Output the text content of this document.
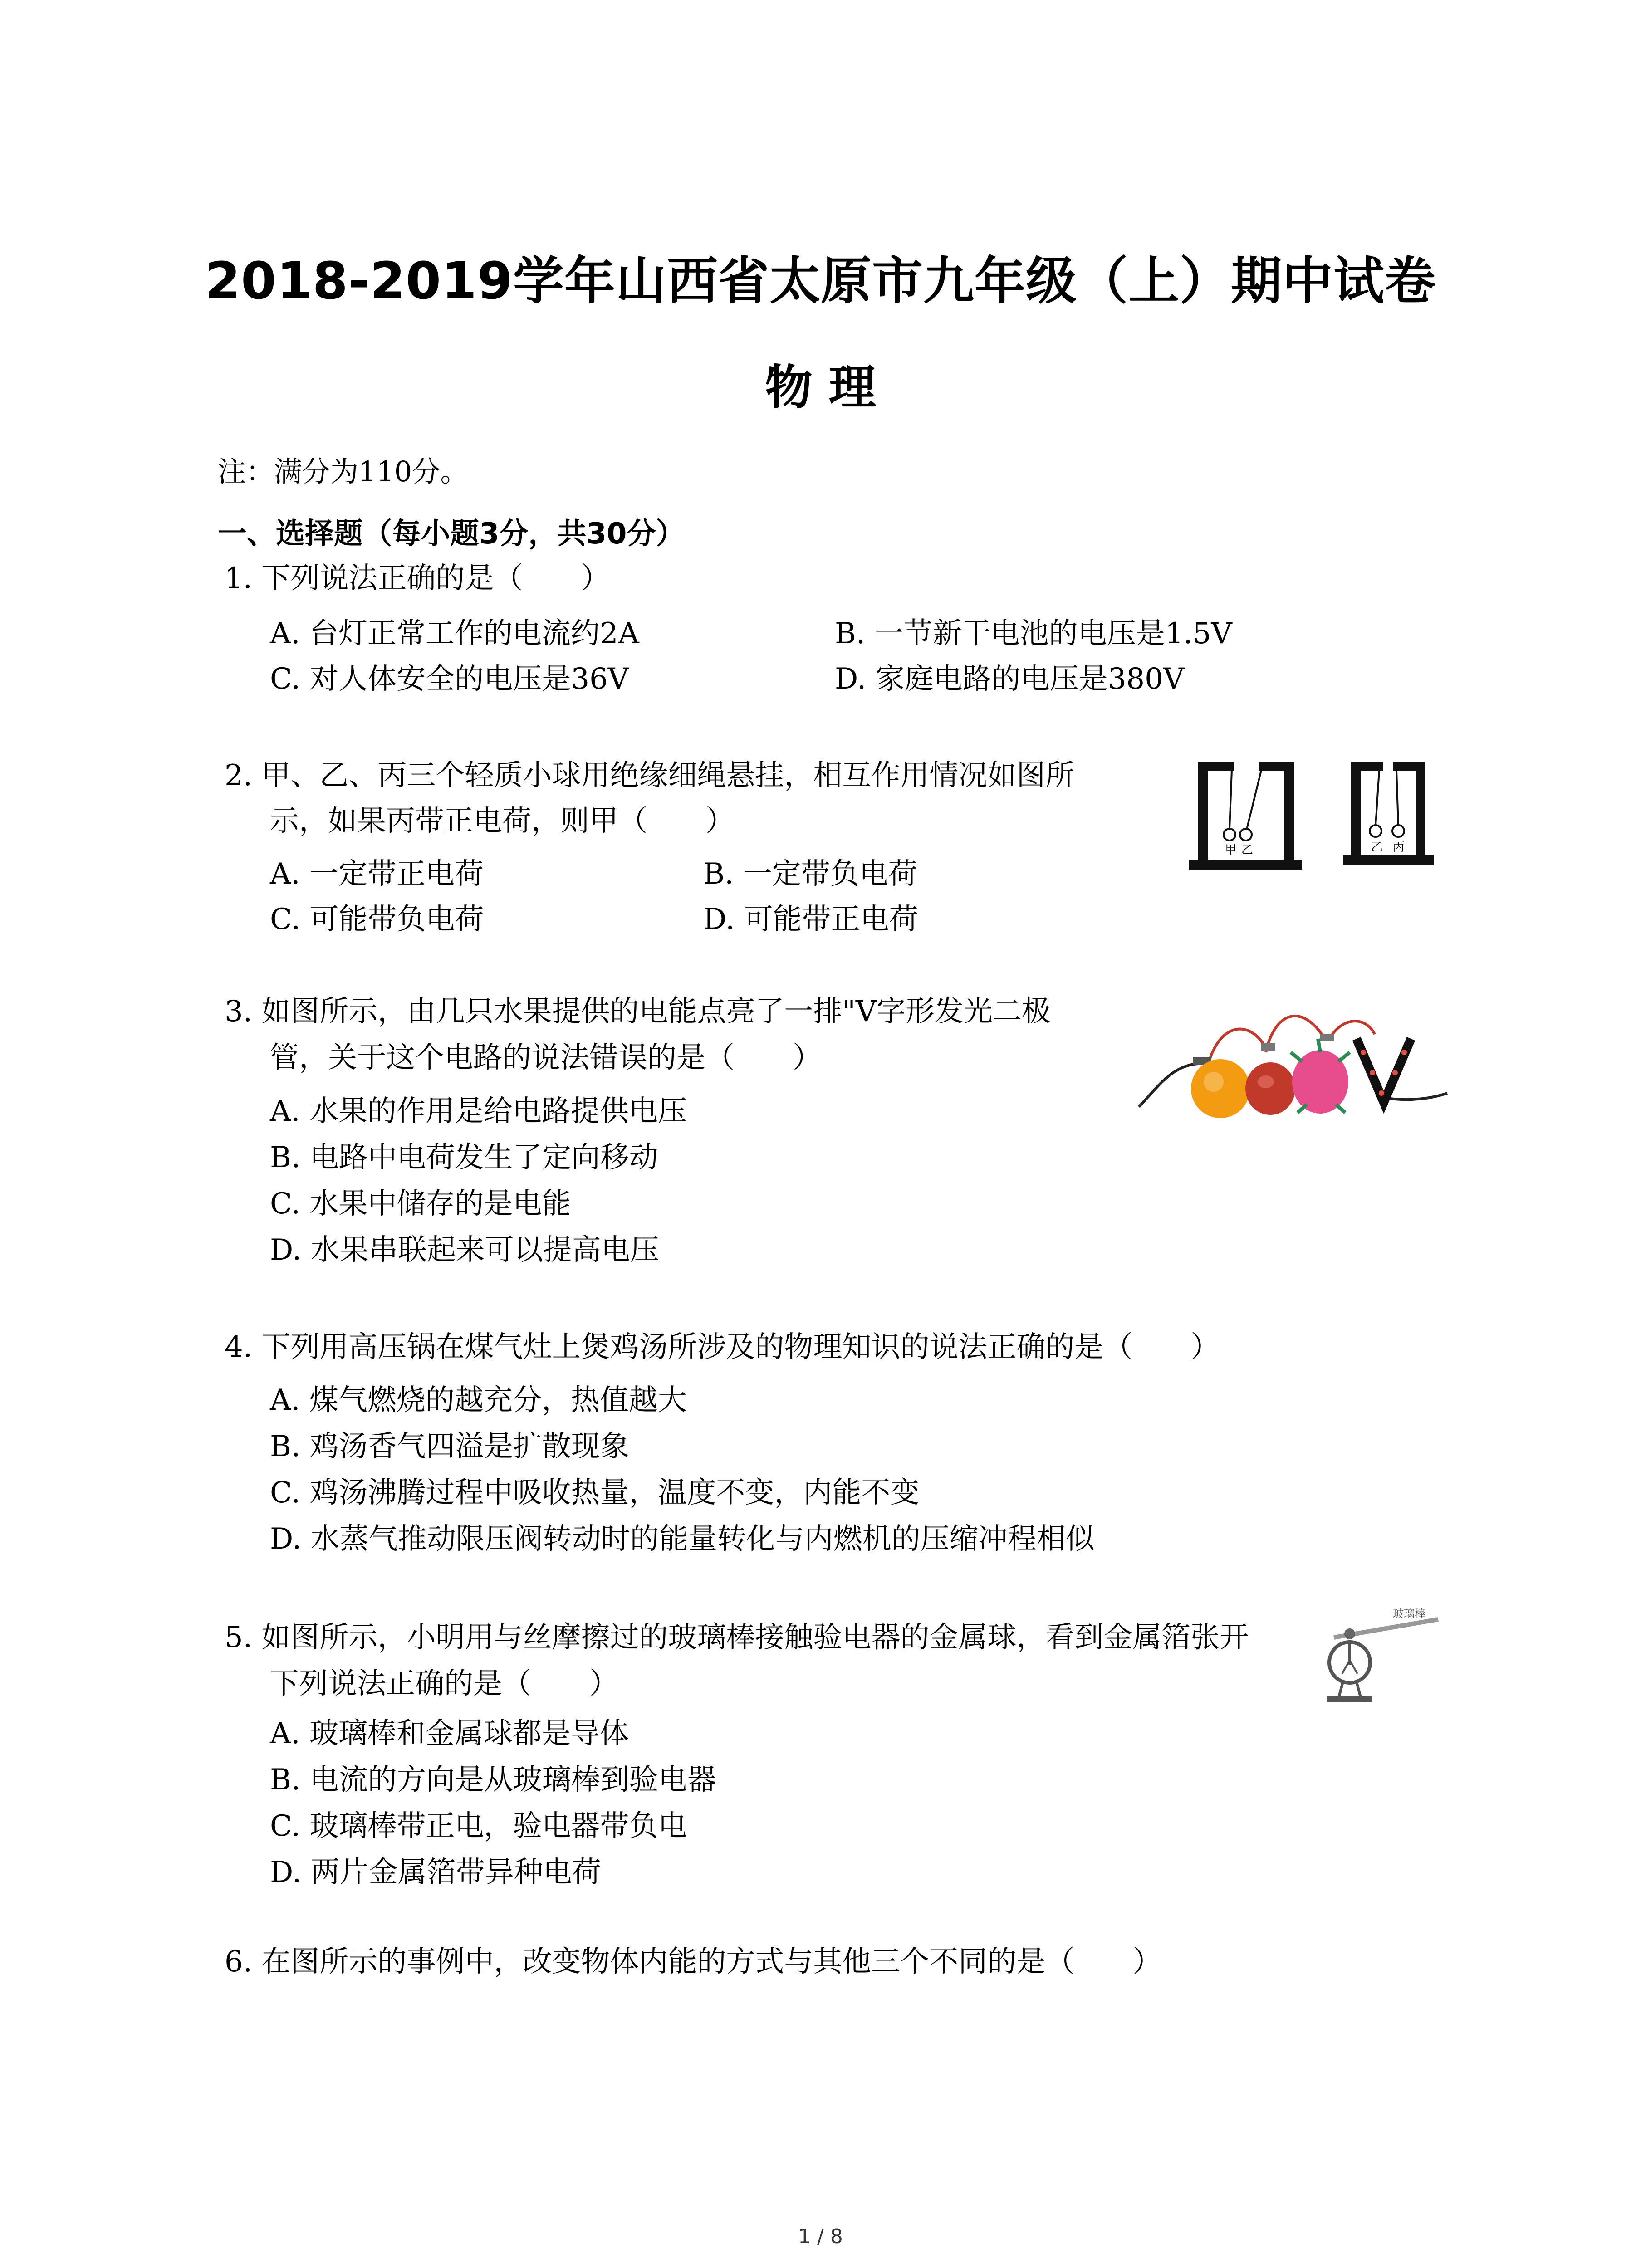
2018-2019学年山西省太原市九年级（上）期中试卷
物 理
注：满分为110分。
一、选择题（每小题3分，共30分）
1. 下列说法正确的是（　　）
A. 台灯正常工作的电流约2A	B. 一节新干电池的电压是1.5V
C. 对人体安全的电压是36V	D. 家庭电路的电压是380V
2. 甲、乙、丙三个轻质小球用绝缘细绳悬挂，相互作用情况如图所
示，如果丙带正电荷，则甲（　　）
A. 一定带正电荷	B. 一定带负电荷
C. 可能带负电荷	D. 可能带正电荷
甲 乙	乙 丙
3. 如图所示，由几只水果提供的电能点亮了一排"V字形发光二极
管，关于这个电路的说法错误的是（　　）
A. 水果的作用是给电路提供电压
B. 电路中电荷发生了定向移动
C. 水果中储存的是电能
D. 水果串联起来可以提高电压
4. 下列用高压锅在煤气灶上煲鸡汤所涉及的物理知识的说法正确的是（　　）
A. 煤气燃烧的越充分，热值越大
B. 鸡汤香气四溢是扩散现象
C. 鸡汤沸腾过程中吸收热量，温度不变，内能不变
D. 水蒸气推动限压阀转动时的能量转化与内燃机的压缩冲程相似
5. 如图所示，小明用与丝摩擦过的玻璃棒接触验电器的金属球，看到金属箔张开
下列说法正确的是（　　）
A. 玻璃棒和金属球都是导体
B. 电流的方向是从玻璃棒到验电器
C. 玻璃棒带正电，验电器带负电
D. 两片金属箔带异种电荷
玻璃棒
6. 在图所示的事例中，改变物体内能的方式与其他三个不同的是（　　）
1 / 8
